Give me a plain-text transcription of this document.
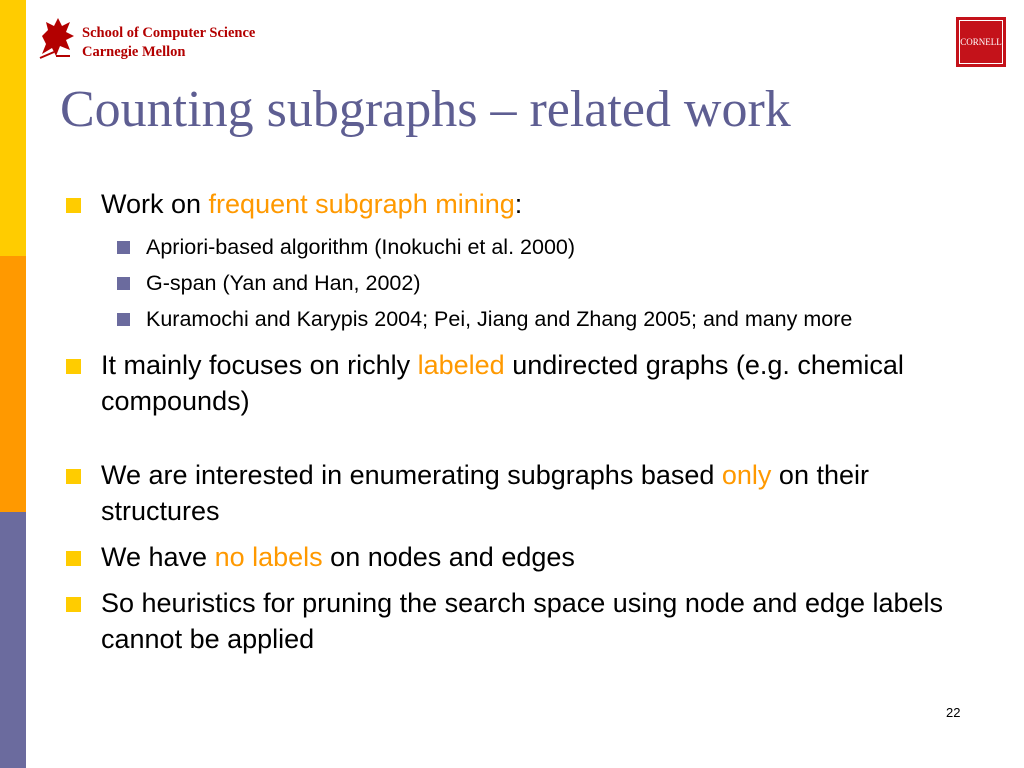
School of Computer Science
Carnegie Mellon
CORNELL
Counting subgraphs – related work
Work on frequent subgraph mining:
Apriori-based algorithm (Inokuchi et al. 2000)
G-span (Yan and Han, 2002)
Kuramochi and Karypis 2004; Pei, Jiang and Zhang 2005; and many more
It mainly focuses on richly labeled undirected graphs (e.g. chemical compounds)
We are interested in enumerating subgraphs based only on their structures
We have no labels on nodes and edges
So heuristics for pruning the search space using node and edge labels cannot be applied
22
